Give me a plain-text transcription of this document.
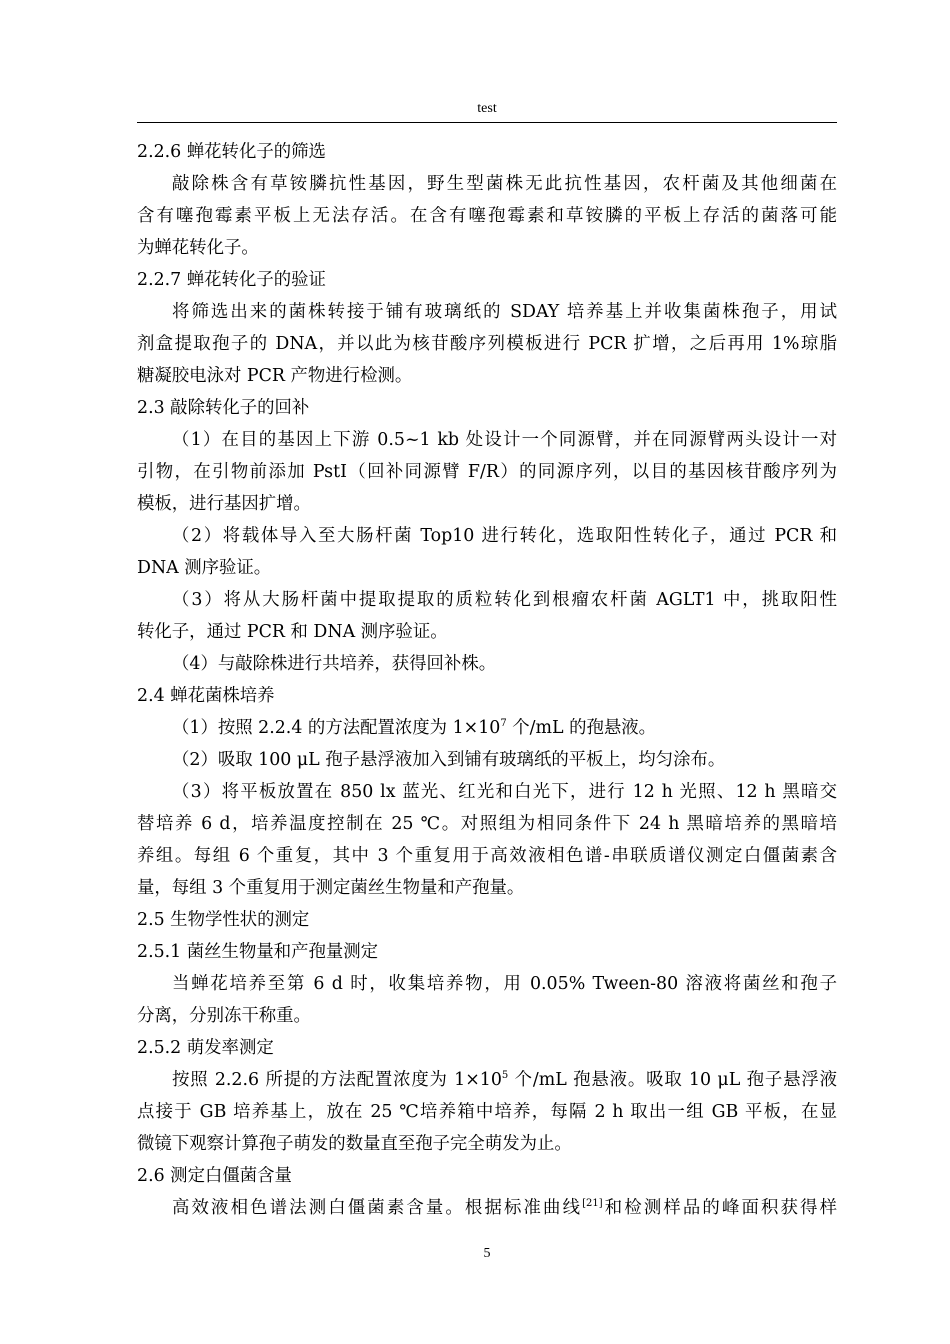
test
2.2.6 蝉花转化子的筛选
敲除株含有草铵膦抗性基因，野生型菌株无此抗性基因，农杆菌及其他细菌在
含有噻孢霉素平板上无法存活。在含有噻孢霉素和草铵膦的平板上存活的菌落可能
为蝉花转化子。
2.2.7 蝉花转化子的验证
将筛选出来的菌株转接于铺有玻璃纸的 SDAY 培养基上并收集菌株孢子，用试
剂盒提取孢子的 DNA，并以此为核苷酸序列模板进行 PCR 扩增，之后再用 1%琼脂
糖凝胶电泳对 PCR 产物进行检测。
2.3 敲除转化子的回补
（1）在目的基因上下游 0.5~1 kb 处设计一个同源臂，并在同源臂两头设计一对
引物，在引物前添加 PstI（回补同源臂 F/R）的同源序列，以目的基因核苷酸序列为
模板，进行基因扩增。
（2）将载体导入至大肠杆菌 Top10 进行转化，选取阳性转化子，通过 PCR 和
DNA 测序验证。
（3）将从大肠杆菌中提取提取的质粒转化到根瘤农杆菌 AGLT1 中，挑取阳性
转化子，通过 PCR 和 DNA 测序验证。
（4）与敲除株进行共培养，获得回补株。
2.4 蝉花菌株培养
（1）按照 2.2.4 的方法配置浓度为 $1\times 10^7$ 个/mL 的孢悬液。
（2）吸取 100 μL 孢子悬浮液加入到铺有玻璃纸的平板上，均匀涂布。
（3）将平板放置在 850 lx 蓝光、红光和白光下，进行 12 h 光照、12 h 黑暗交
替培养 6 d，培养温度控制在 25 ℃。对照组为相同条件下 24 h 黑暗培养的黑暗培
养组。每组 6 个重复，其中 3 个重复用于高效液相色谱-串联质谱仪测定白僵菌素含
量，每组 3 个重复用于测定菌丝生物量和产孢量。
2.5 生物学性状的测定
2.5.1 菌丝生物量和产孢量测定
当蝉花培养至第 6 d 时，收集培养物，用 0.05% Tween-80 溶液将菌丝和孢子
分离，分别冻干称重。
2.5.2 萌发率测定
按照 2.2.6 所提的方法配置浓度为 $1\times 10^5$ 个/mL 孢悬液。吸取 10 μL 孢子悬浮液
点接于 GB 培养基上，放在 25 ℃培养箱中培养，每隔 2 h 取出一组 GB 平板，在显
微镜下观察计算孢子萌发的数量直至孢子完全萌发为止。
2.6 测定白僵菌含量
高效液相色谱法测白僵菌素含量。根据标准曲线[21]和检测样品的峰面积获得样
5
